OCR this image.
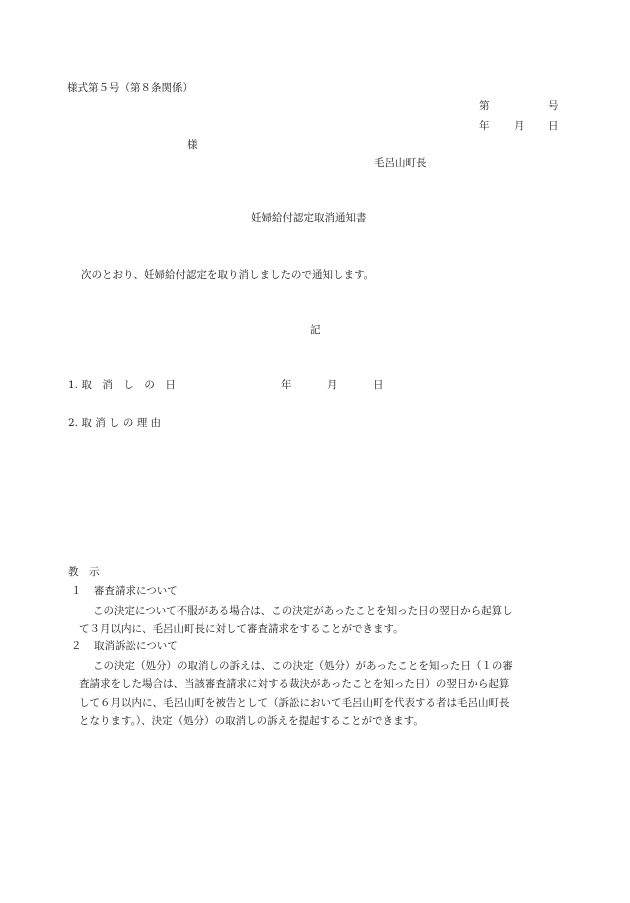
様式第５号（第８条関係）
第	号
年 月 日
様
毛呂山町長
妊婦給付認定取消通知書
次のとおり、妊婦給付認定を取り消しましたので通知します。
記
1. 取　消　し　の　日	年	月	日
2. 取 消 し の 理 由
教　示
１ 審査請求について
この決定について不服がある場合は、この決定があったことを知った日の翌日から起算し
て３月以内に、毛呂山町長に対して審査請求をすることができます。
２ 取消訴訟について
この決定（処分）の取消しの訴えは、この決定（処分）があったことを知った日（１の審
査請求をした場合は、当該審査請求に対する裁決があったことを知った日）の翌日から起算
して６月以内に、毛呂山町を被告として（訴訟において毛呂山町を代表する者は毛呂山町長
となります。）、決定（処分）の取消しの訴えを提起することができます。
